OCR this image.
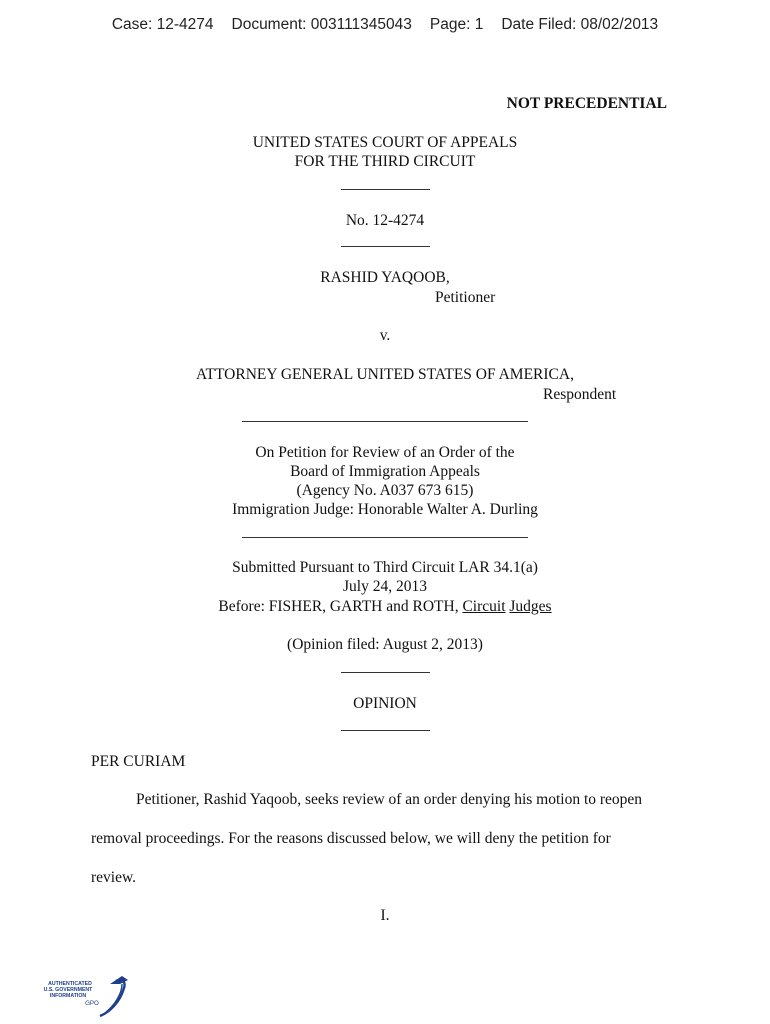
Case: 12-4274 Document: 003111345043 Page: 1 Date Filed: 08/02/2013
NOT PRECEDENTIAL
UNITED STATES COURT OF APPEALS
FOR THE THIRD CIRCUIT
No. 12-4274
RASHID YAQOOB,
Petitioner
v.
ATTORNEY GENERAL UNITED STATES OF AMERICA,
Respondent
On Petition for Review of an Order of the
Board of Immigration Appeals
(Agency No. A037 673 615)
Immigration Judge: Honorable Walter A. Durling
Submitted Pursuant to Third Circuit LAR 34.1(a)
July 24, 2013
Before: FISHER, GARTH and ROTH, Circuit Judges
(Opinion filed: August 2, 2013)
OPINION
PER CURIAM
Petitioner, Rashid Yaqoob, seeks review of an order denying his motion to reopen
removal proceedings. For the reasons discussed below, we will deny the petition for
review.
I.
AUTHENTICATED
U.S. GOVERNMENT
INFORMATION
GPO
